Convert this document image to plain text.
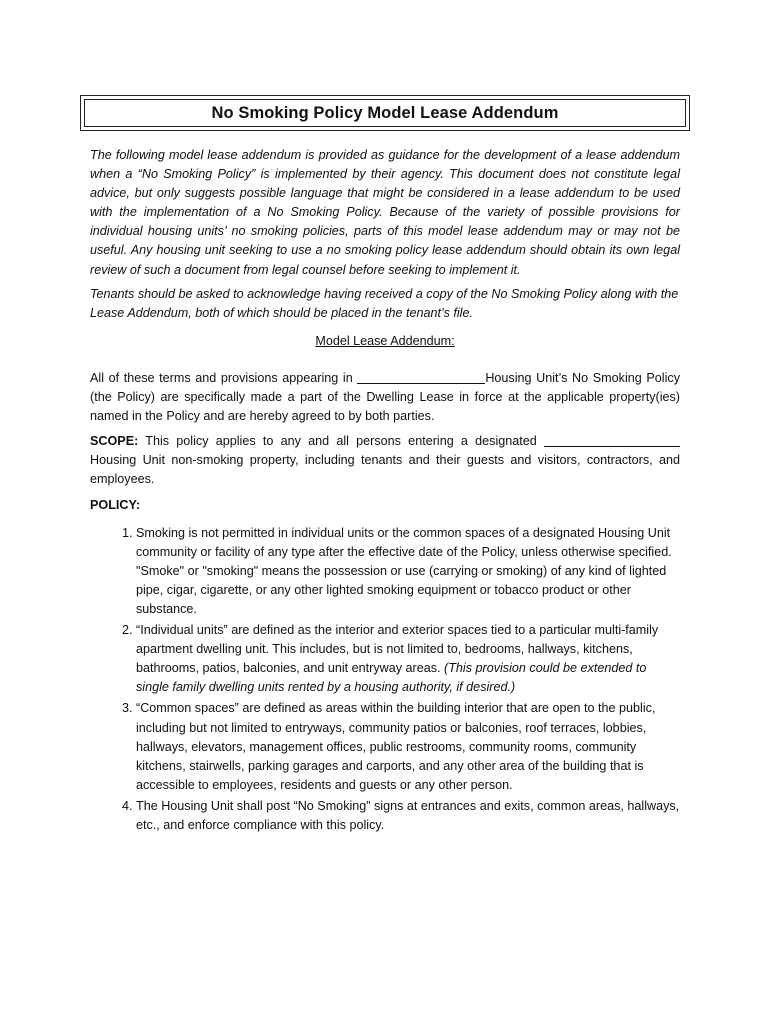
No Smoking Policy Model Lease Addendum

The following model lease addendum is provided as guidance for the development of a lease addendum when a “No Smoking Policy” is implemented by their agency. This document does not constitute legal advice, but only suggests possible language that might be considered in a lease addendum to be used with the implementation of a No Smoking Policy. Because of the variety of possible provisions for individual housing units’ no smoking policies, parts of this model lease addendum may or may not be useful. Any housing unit seeking to use a no smoking policy lease addendum should obtain its own legal review of such a document from legal counsel before seeking to implement it.

Tenants should be asked to acknowledge having received a copy of the No Smoking Policy along with the Lease Addendum, both of which should be placed in the tenant’s file.

Model Lease Addendum:

All of these terms and provisions appearing in	Housing Unit’s No Smoking Policy (the Policy) are specifically made a part of the Dwelling Lease in force at the applicable property(ies) named in the Policy and are hereby agreed to by both parties.

SCOPE: This policy applies to any and all persons entering a designated  Housing Unit non-smoking property, including tenants and their guests and visitors, contractors, and employees.

POLICY:

1. Smoking is not permitted in individual units or the common spaces of a designated Housing Unit community or facility of any type after the effective date of the Policy, unless otherwise specified. "Smoke" or "smoking" means the possession or use (carrying or smoking) of any kind of lighted pipe, cigar, cigarette, or any other lighted smoking equipment or tobacco product or other substance.
2. “Individual units” are defined as the interior and exterior spaces tied to a particular multi-family apartment dwelling unit. This includes, but is not limited to, bedrooms, hallways, kitchens, bathrooms, patios, balconies, and unit entryway areas. (This provision could be extended to single family dwelling units rented by a housing authority, if desired.)
3. “Common spaces” are defined as areas within the building interior that are open to the public, including but not limited to entryways, community patios or balconies, roof terraces, lobbies, hallways, elevators, management offices, public restrooms, community rooms, community kitchens, stairwells, parking garages and carports, and any other area of the building that is accessible to employees, residents and guests or any other person.
4. The Housing Unit shall post “No Smoking” signs at entrances and exits, common areas, hallways, etc., and enforce compliance with this policy.
